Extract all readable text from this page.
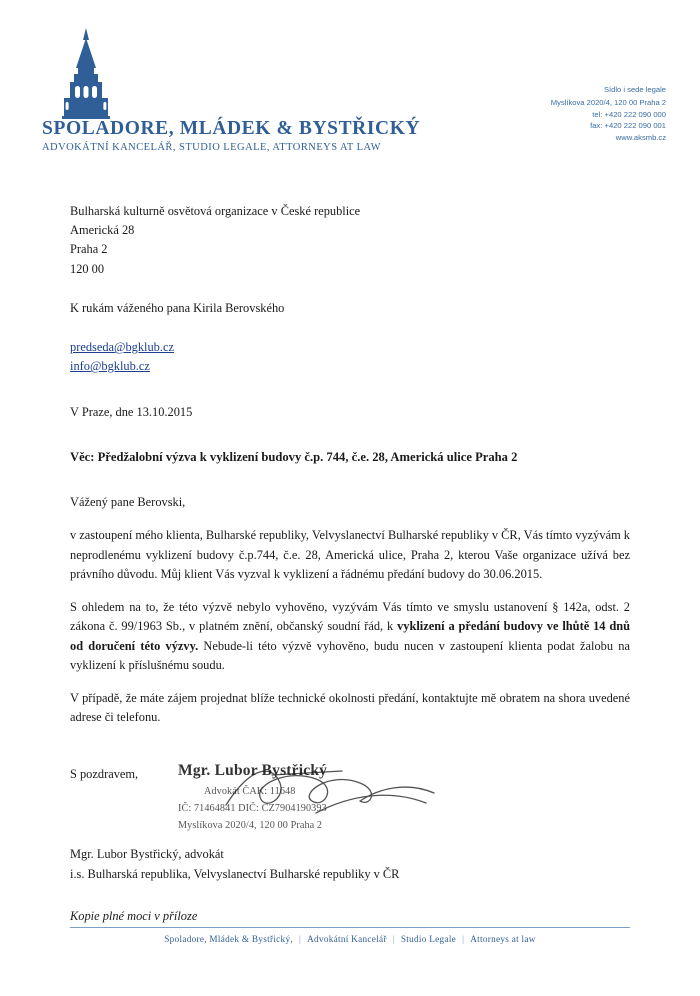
SPOLADORE, MLÁDEK & BYSTŘICKÝ
ADVOKÁTNÍ KANCELÁŘ, STUDIO LEGALE, ATTORNEYS AT LAW
Sídlo i sede legale
Myslíkova 2020/4, 120 00 Praha 2
tel: +420 222 090 000
fax: +420 222 090 001
www.aksmb.cz
Bulharská kulturně osvětová organizace v České republice
Americká 28
Praha 2
120 00
K rukám váženého pana Kirila Berovského
predseda@bgklub.cz
info@bgklub.cz
V Praze, dne 13.10.2015
Věc: Předžalobní výzva k vyklizení budovy č.p. 744, č.e. 28, Americká ulice Praha 2
Vážený pane Berovski,

v zastoupení mého klienta, Bulharské republiky, Velvyslanectví Bulharské republiky v ČR, Vás tímto vyzývám k neprodlenému vyklizení budovy č.p.744, č.e. 28, Americká ulice, Praha 2, kterou Vaše organizace užívá bez právního důvodu. Můj klient Vás vyzval k vyklizení a řádnému předání budovy do 30.06.2015.

S ohledem na to, že této výzvě nebylo vyhověno, vyzývám Vás tímto ve smyslu ustanovení § 142a, odst. 2 zákona č. 99/1963 Sb., v platném znění, občanský soudní řád, k vyklizení a předání budovy ve lhůtě 14 dnů od doručení této výzvy. Nebude-li této výzvě vyhověno, budu nucen v zastoupení klienta podat žalobu na vyklizení k příslušnému soudu.

V případě, že máte zájem projednat blíže technické okolnosti předání, kontaktujte mě obratem na shora uvedené adrese či telefonu.

S pozdravem,	Mgr. Lubor Bystřický
Advokát ČAK: 11648
IČ: 71464841 DIČ: CZ7904190393
Myslíkova 2020/4, 120 00 Praha 2
Mgr. Lubor Bystřický, advokát
i.s. Bulharská republika, Velvyslanectví Bulharské republiky v ČR
Kopie plné moci v příloze
Spoladore, Mládek & Bystřický, | Advokátní Kancelář | Studio Legale | Attorneys at law
